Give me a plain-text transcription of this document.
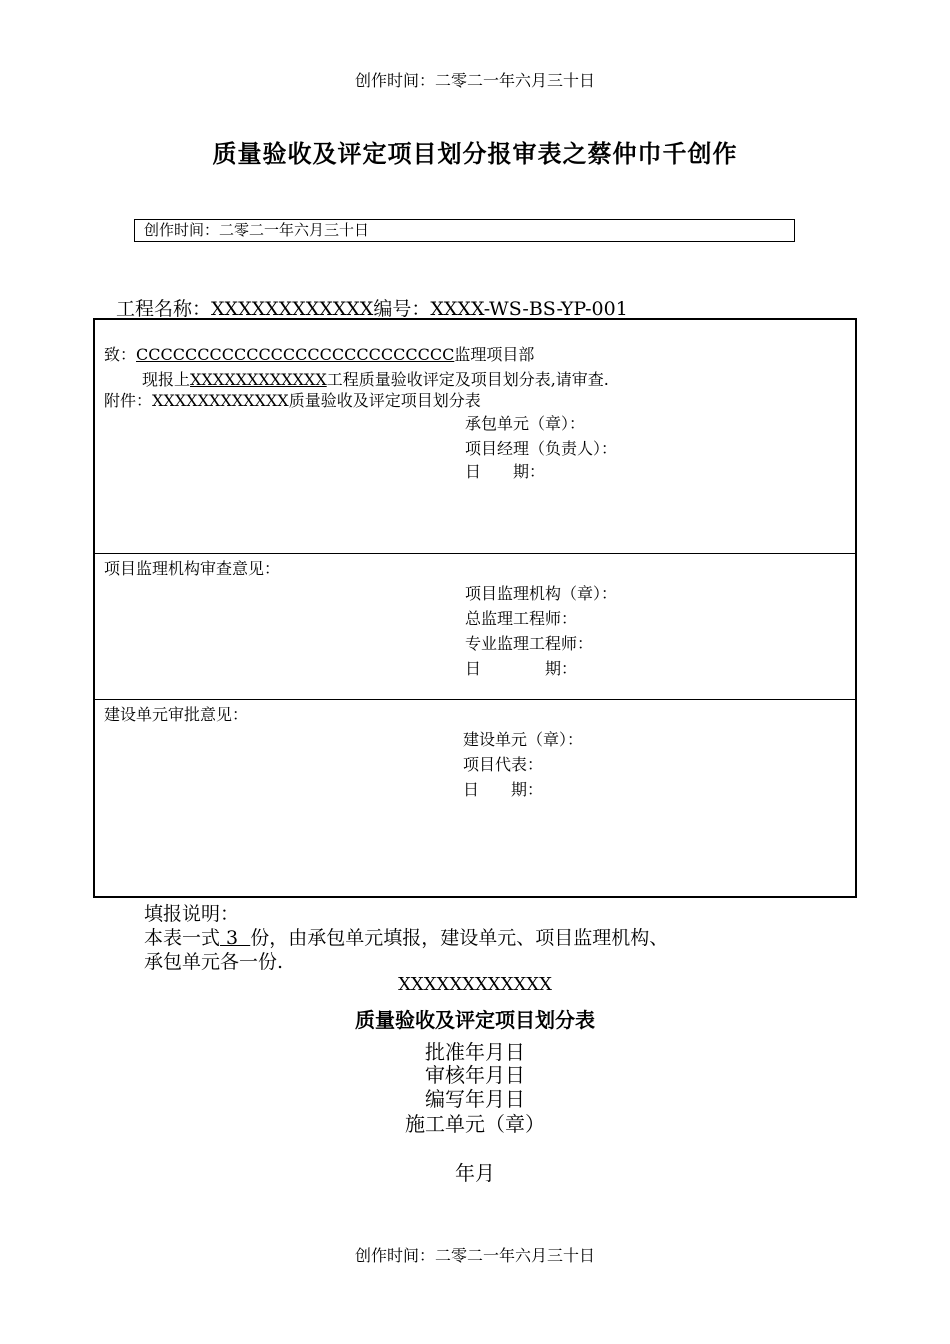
创作时间：二零二一年六月三十日
质量验收及评定项目划分报审表之蔡仲巾千创作
创作时间：二零二一年六月三十日
工程名称：XXXXXXXXXXXX编号：XXXX-WS-BS-YP-001
致：CCCCCCCCCCCCCCCCCCCCCCCCCC监理项目部
现报上XXXXXXXXXXXX工程质量验收评定及项目划分表,请审查.
附件：XXXXXXXXXXXX质量验收及评定项目划分表
承包单元（章）：
项目经理（负责人）：
日　　期：
项目监理机构审查意见：
项目监理机构（章）：
总监理工程师：
专业监理工程师：
日　　　　期：
建设单元审批意见：
建设单元（章）：
项目代表：
日　　期：
填报说明：
本表一式 3  份，由承包单元填报，建设单元、项目监理机构、
承包单元各一份.
XXXXXXXXXXXX
质量验收及评定项目划分表
批准年月日
审核年月日
编写年月日
施工单元（章）
年月
创作时间：二零二一年六月三十日
